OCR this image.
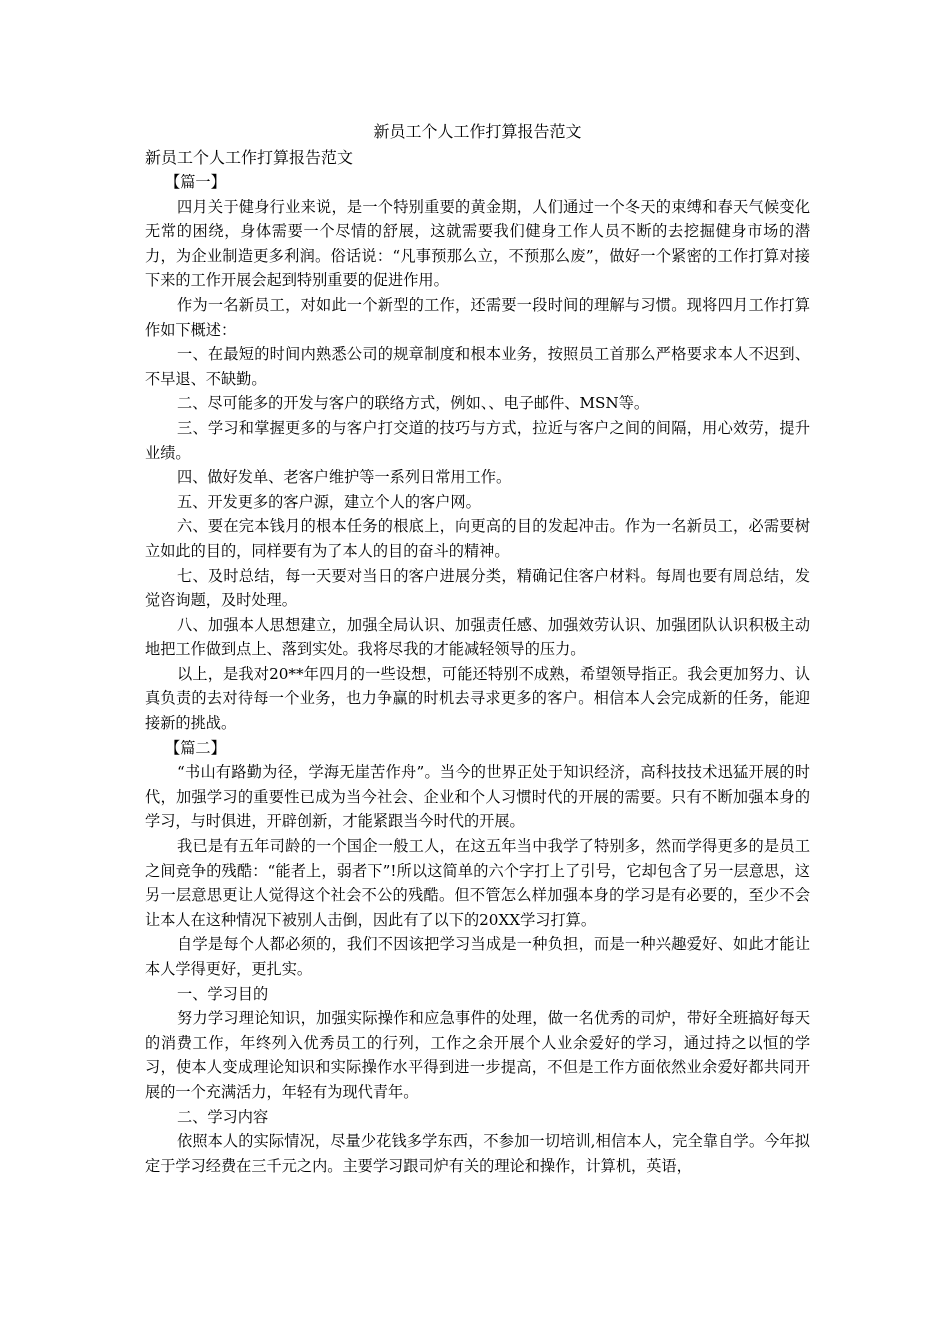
新员工个人工作打算报告范文
新员工个人工作打算报告范文
【篇一】

四月关于健身行业来说，是一个特别重要的黄金期，人们通过一个冬天的束缚和春天气候变化无常的困绕，身体需要一个尽情的舒展，这就需要我们健身工作人员不断的去挖掘健身市场的潜力，为企业制造更多利润。俗话说：“凡事预那么立，不预那么废”，做好一个紧密的工作打算对接下来的工作开展会起到特别重要的促进作用。

作为一名新员工，对如此一个新型的工作，还需要一段时间的理解与习惯。现将四月工作打算作如下概述：

一、在最短的时间内熟悉公司的规章制度和根本业务，按照员工首那么严格要求本人不迟到、不早退、不缺勤。

二、尽可能多的开发与客户的联络方式，例如、、电子邮件、MSN等。

三、学习和掌握更多的与客户打交道的技巧与方式，拉近与客户之间的间隔，用心效劳，提升业绩。

四、做好发单、老客户维护等一系列日常用工作。

五、开发更多的客户源，建立个人的客户网。

六、要在完本钱月的根本任务的根底上，向更高的目的发起冲击。作为一名新员工，必需要树立如此的目的，同样要有为了本人的目的奋斗的精神。

七、及时总结，每一天要对当日的客户进展分类，精确记住客户材料。每周也要有周总结，发觉咨询题，及时处理。

八、加强本人思想建立，加强全局认识、加强责任感、加强效劳认识、加强团队认识积极主动地把工作做到点上、落到实处。我将尽我的才能减轻领导的压力。

以上，是我对20**年四月的一些设想，可能还特别不成熟，希望领导指正。我会更加努力、认真负责的去对待每一个业务，也力争赢的时机去寻求更多的客户。相信本人会完成新的任务，能迎接新的挑战。

【篇二】

“书山有路勤为径，学海无崖苦作舟”。当今的世界正处于知识经济，高科技技术迅猛开展的时代，加强学习的重要性已成为当今社会、企业和个人习惯时代的开展的需要。只有不断加强本身的学习，与时俱进，开辟创新，才能紧跟当今时代的开展。

我已是有五年司龄的一个国企一般工人，在这五年当中我学了特别多，然而学得更多的是员工之间竞争的残酷：“能者上，弱者下”!所以这简单的六个字打上了引号，它却包含了另一层意思，这另一层意思更让人觉得这个社会不公的残酷。但不管怎么样加强本身的学习是有必要的，至少不会让本人在这种情况下被别人击倒，因此有了以下的20XX学习打算。

自学是每个人都必须的，我们不因该把学习当成是一种负担，而是一种兴趣爱好、如此才能让本人学得更好，更扎实。

一、学习目的

努力学习理论知识，加强实际操作和应急事件的处理，做一名优秀的司炉，带好全班搞好每天的消费工作，年终列入优秀员工的行列，工作之余开展个人业余爱好的学习，通过持之以恒的学习，使本人变成理论知识和实际操作水平得到进一步提高，不但是工作方面依然业余爱好都共同开展的一个充满活力，年轻有为现代青年。

二、学习内容

依照本人的实际情况，尽量少花钱多学东西，不参加一切培训,相信本人，完全靠自学。今年拟定于学习经费在三千元之内。主要学习跟司炉有关的理论和操作，计算机，英语，
